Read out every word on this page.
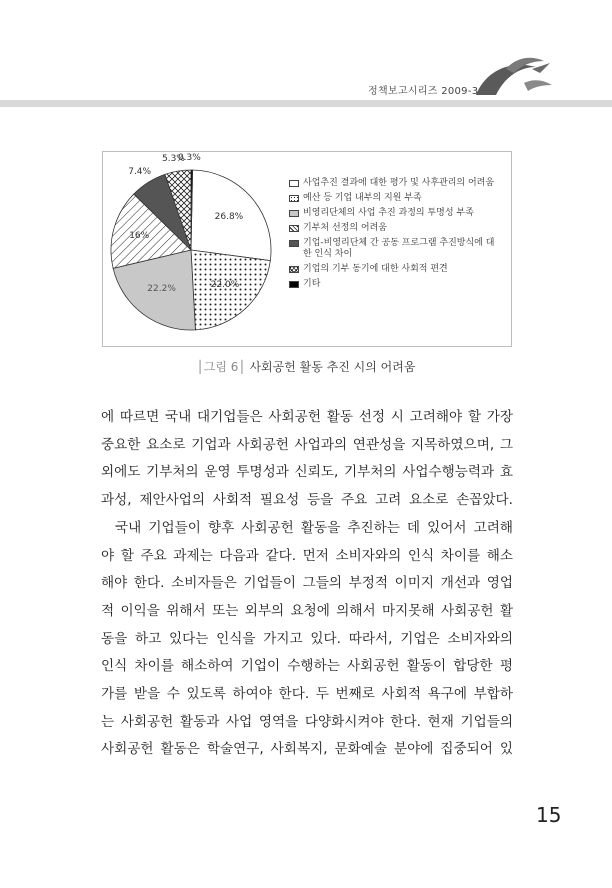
정책보고시리즈 2009-3
26.8%
22.0%
22.2%
16%
7.4%
5.3%
0.3%
사업추진 결과에 대한 평가 및 사후관리의 어려움
예산 등 기업 내부의 지원 부족
비영리단체의 사업 추진 과정의 투명성 부족
기부처 선정의 어려움
기업-비영리단체 간 공동 프로그램 추진방식에 대한 인식 차이
기업의 기부 동기에 대한 사회적 편견
기타
│그림 6│ 사회공헌 활동 추진 시의 어려움

에 따르면 국내 대기업들은 사회공헌 활동 선정 시 고려해야 할 가장

중요한 요소로 기업과 사회공헌 사업과의 연관성을 지목하였으며, 그

외에도 기부처의 운영 투명성과 신뢰도, 기부처의 사업수행능력과 효

과성, 제안사업의 사회적 필요성 등을 주요 고려 요소로 손꼽았다.

국내 기업들이 향후 사회공헌 활동을 추진하는 데 있어서 고려해

야 할 주요 과제는 다음과 같다. 먼저 소비자와의 인식 차이를 해소

해야 한다. 소비자들은 기업들이 그들의 부정적 이미지 개선과 영업

적 이익을 위해서 또는 외부의 요청에 의해서 마지못해 사회공헌 활

동을 하고 있다는 인식을 가지고 있다. 따라서, 기업은 소비자와의

인식 차이를 해소하여 기업이 수행하는 사회공헌 활동이 합당한 평

가를 받을 수 있도록 하여야 한다. 두 번째로 사회적 욕구에 부합하

는 사회공헌 활동과 사업 영역을 다양화시켜야 한다. 현재 기업들의

사회공헌 활동은 학술연구, 사회복지, 문화예술 분야에 집중되어 있

15
